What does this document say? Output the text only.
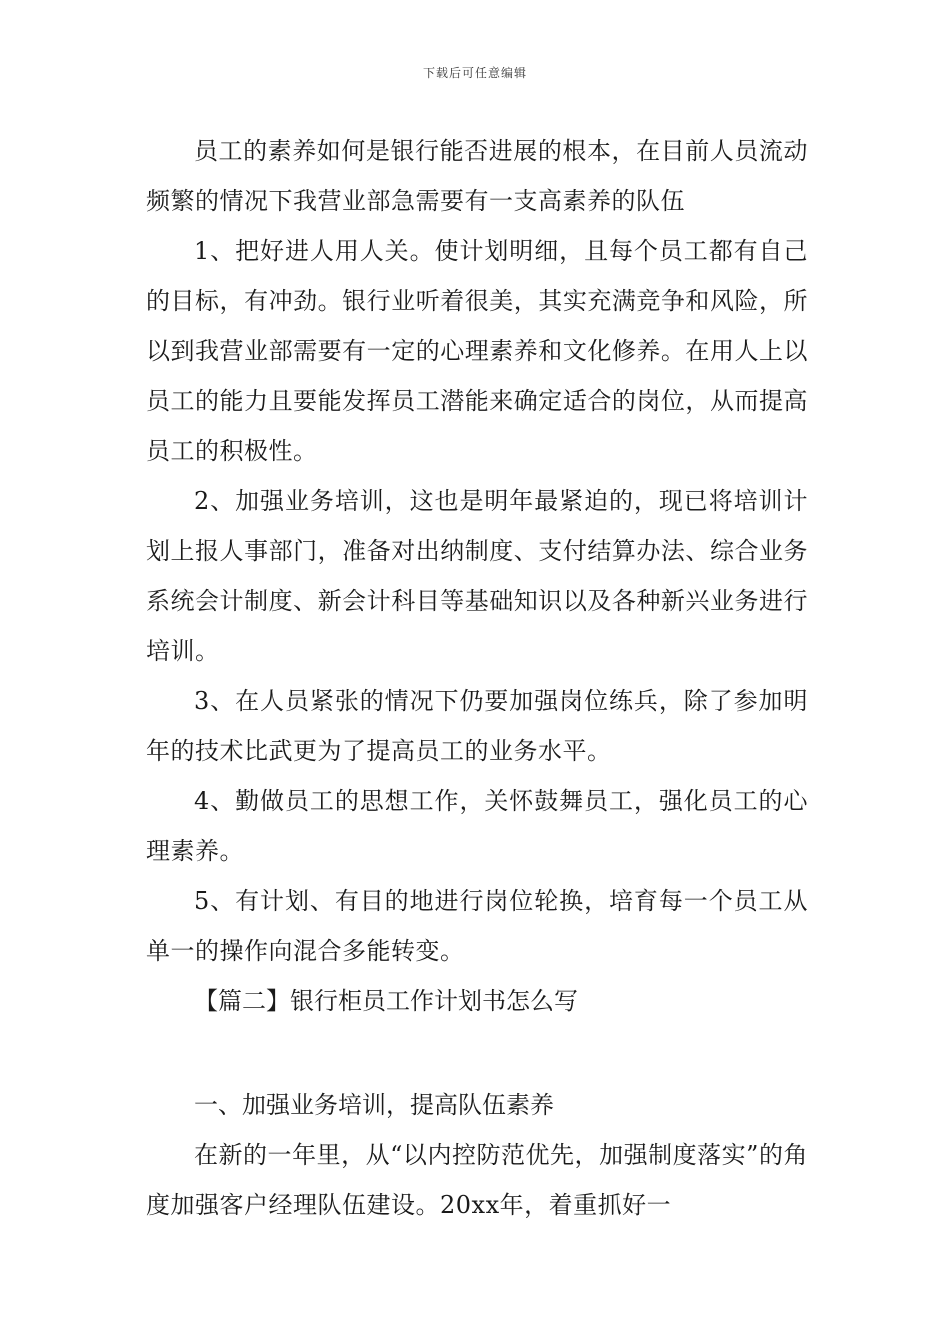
下载后可任意编辑

员工的素养如何是银行能否进展的根本，在目前人员流动频繁的情况下我营业部急需要有一支高素养的队伍

1、把好进人用人关。使计划明细，且每个员工都有自己的目标，有冲劲。银行业听着很美，其实充满竞争和风险，所以到我营业部需要有一定的心理素养和文化修养。在用人上以员工的能力且要能发挥员工潜能来确定适合的岗位，从而提高员工的积极性。

2、加强业务培训，这也是明年最紧迫的，现已将培训计划上报人事部门，准备对出纳制度、支付结算办法、综合业务系统会计制度、新会计科目等基础知识以及各种新兴业务进行培训。

3、在人员紧张的情况下仍要加强岗位练兵，除了参加明年的技术比武更为了提高员工的业务水平。

4、勤做员工的思想工作，关怀鼓舞员工，强化员工的心理素养。

5、有计划、有目的地进行岗位轮换，培育每一个员工从单一的操作向混合多能转变。

【篇二】银行柜员工作计划书怎么写

一、加强业务培训，提高队伍素养

在新的一年里，从“以内控防范优先，加强制度落实”的角度加强客户经理队伍建设。20xx年，着重抓好一
